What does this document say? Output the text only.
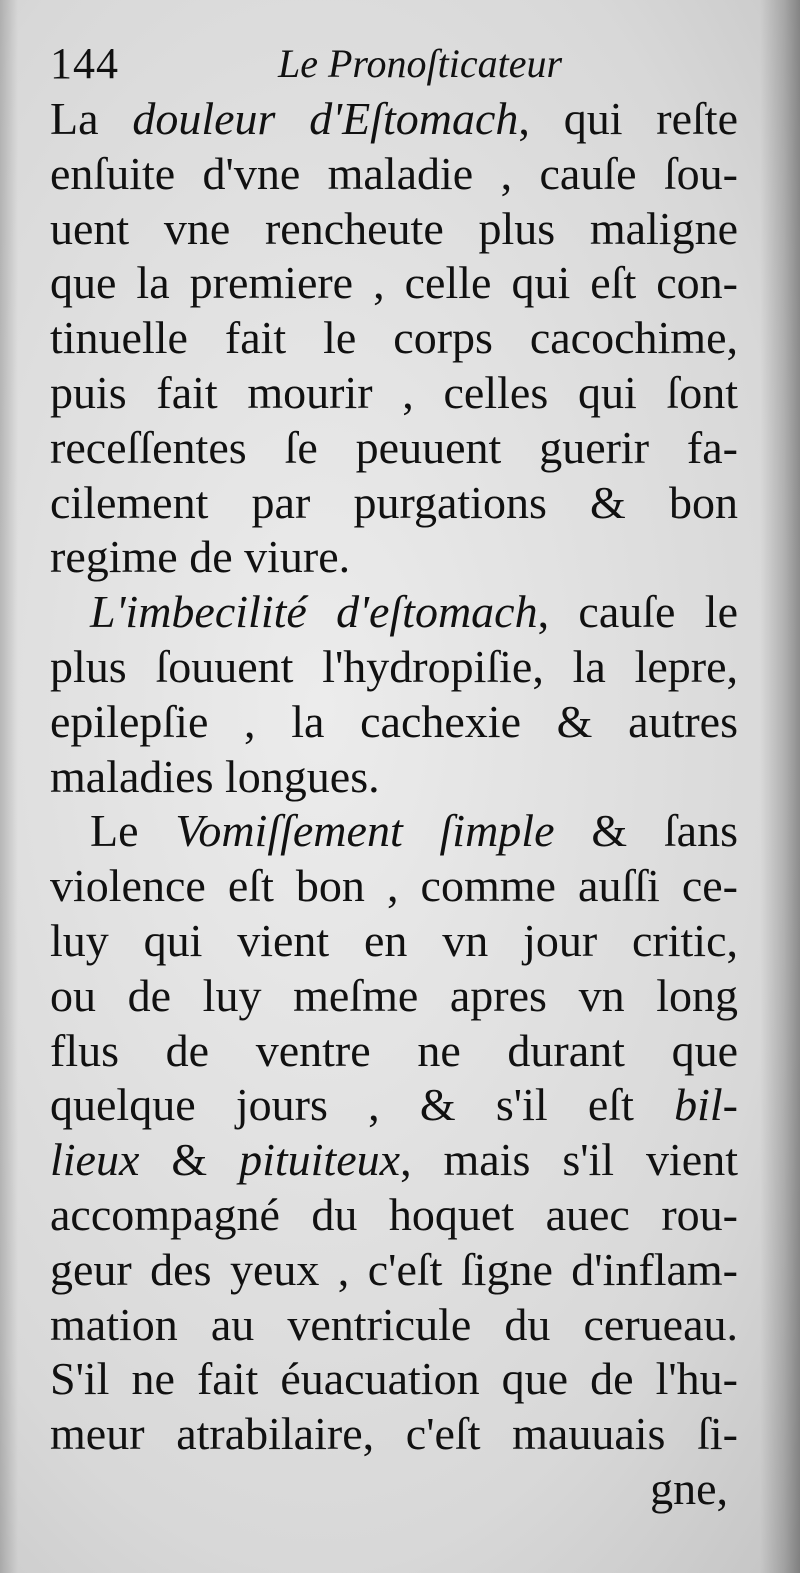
144	Le Pronoſticateur
La douleur d'Eſtomach, qui reſte
enſuite d'vne maladie , cauſe ſou-
uent vne rencheute plus maligne
que la premiere , celle qui eſt con-
tinuelle fait le corps cacochime,
puis fait mourir , celles qui ſont
receſſentes ſe peuuent guerir fa-
cilement par purgations & bon
regime de viure.
L'imbecilité d'eſtomach, cauſe le
plus ſouuent l'hydropiſie, la lepre,
epilepſie , la cachexie & autres
maladies longues.
Le Vomiſſement ſimple & ſans
violence eſt bon , comme auſſi ce-
luy qui vient en vn jour critic,
ou de luy meſme apres vn long
flus de ventre ne durant que
quelque jours , & s'il eſt bil-
lieux & pituiteux, mais s'il vient
accompagné du hoquet auec rou-
geur des yeux , c'eſt ſigne d'inflam-
mation au ventricule du cerueau.
S'il ne fait éuacuation que de l'hu-
meur atrabilaire, c'eſt mauuais ſi-
gne,
